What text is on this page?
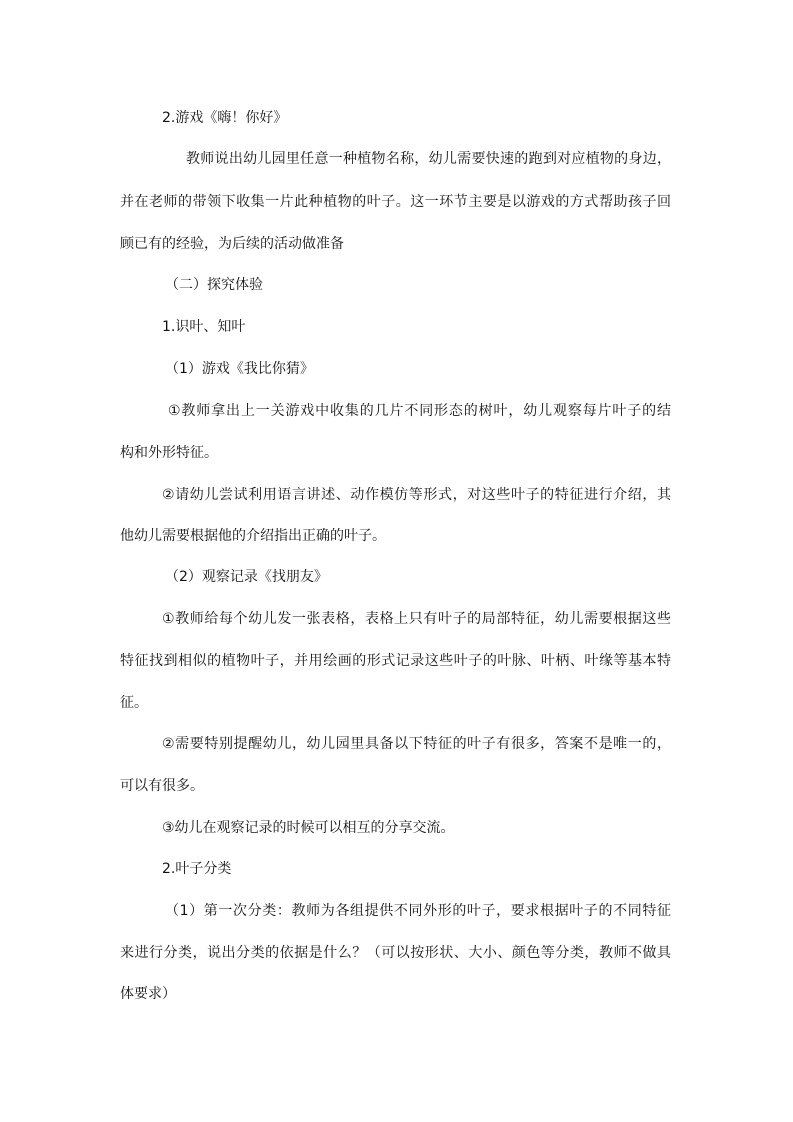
2.游戏《嗨！你好》
教师说出幼儿园里任意一种植物名称，幼儿需要快速的跑到对应植物的身边，
并在老师的带领下收集一片此种植物的叶子。这一环节主要是以游戏的方式帮助孩子回
顾已有的经验，为后续的活动做准备
（二）探究体验
1.识叶、知叶
（1）游戏《我比你猜》
①教师拿出上一关游戏中收集的几片不同形态的树叶，幼儿观察每片叶子的结
构和外形特征。
②请幼儿尝试利用语言讲述、动作模仿等形式，对这些叶子的特征进行介绍，其
他幼儿需要根据他的介绍指出正确的叶子。
（2）观察记录《找朋友》
①教师给每个幼儿发一张表格，表格上只有叶子的局部特征，幼儿需要根据这些
特征找到相似的植物叶子，并用绘画的形式记录这些叶子的叶脉、叶柄、叶缘等基本特
征。
②需要特别提醒幼儿，幼儿园里具备以下特征的叶子有很多，答案不是唯一的，
可以有很多。
③幼儿在观察记录的时候可以相互的分享交流。
2.叶子分类
（1）第一次分类：教师为各组提供不同外形的叶子，要求根据叶子的不同特征
来进行分类，说出分类的依据是什么？（可以按形状、大小、颜色等分类，教师不做具
体要求）
